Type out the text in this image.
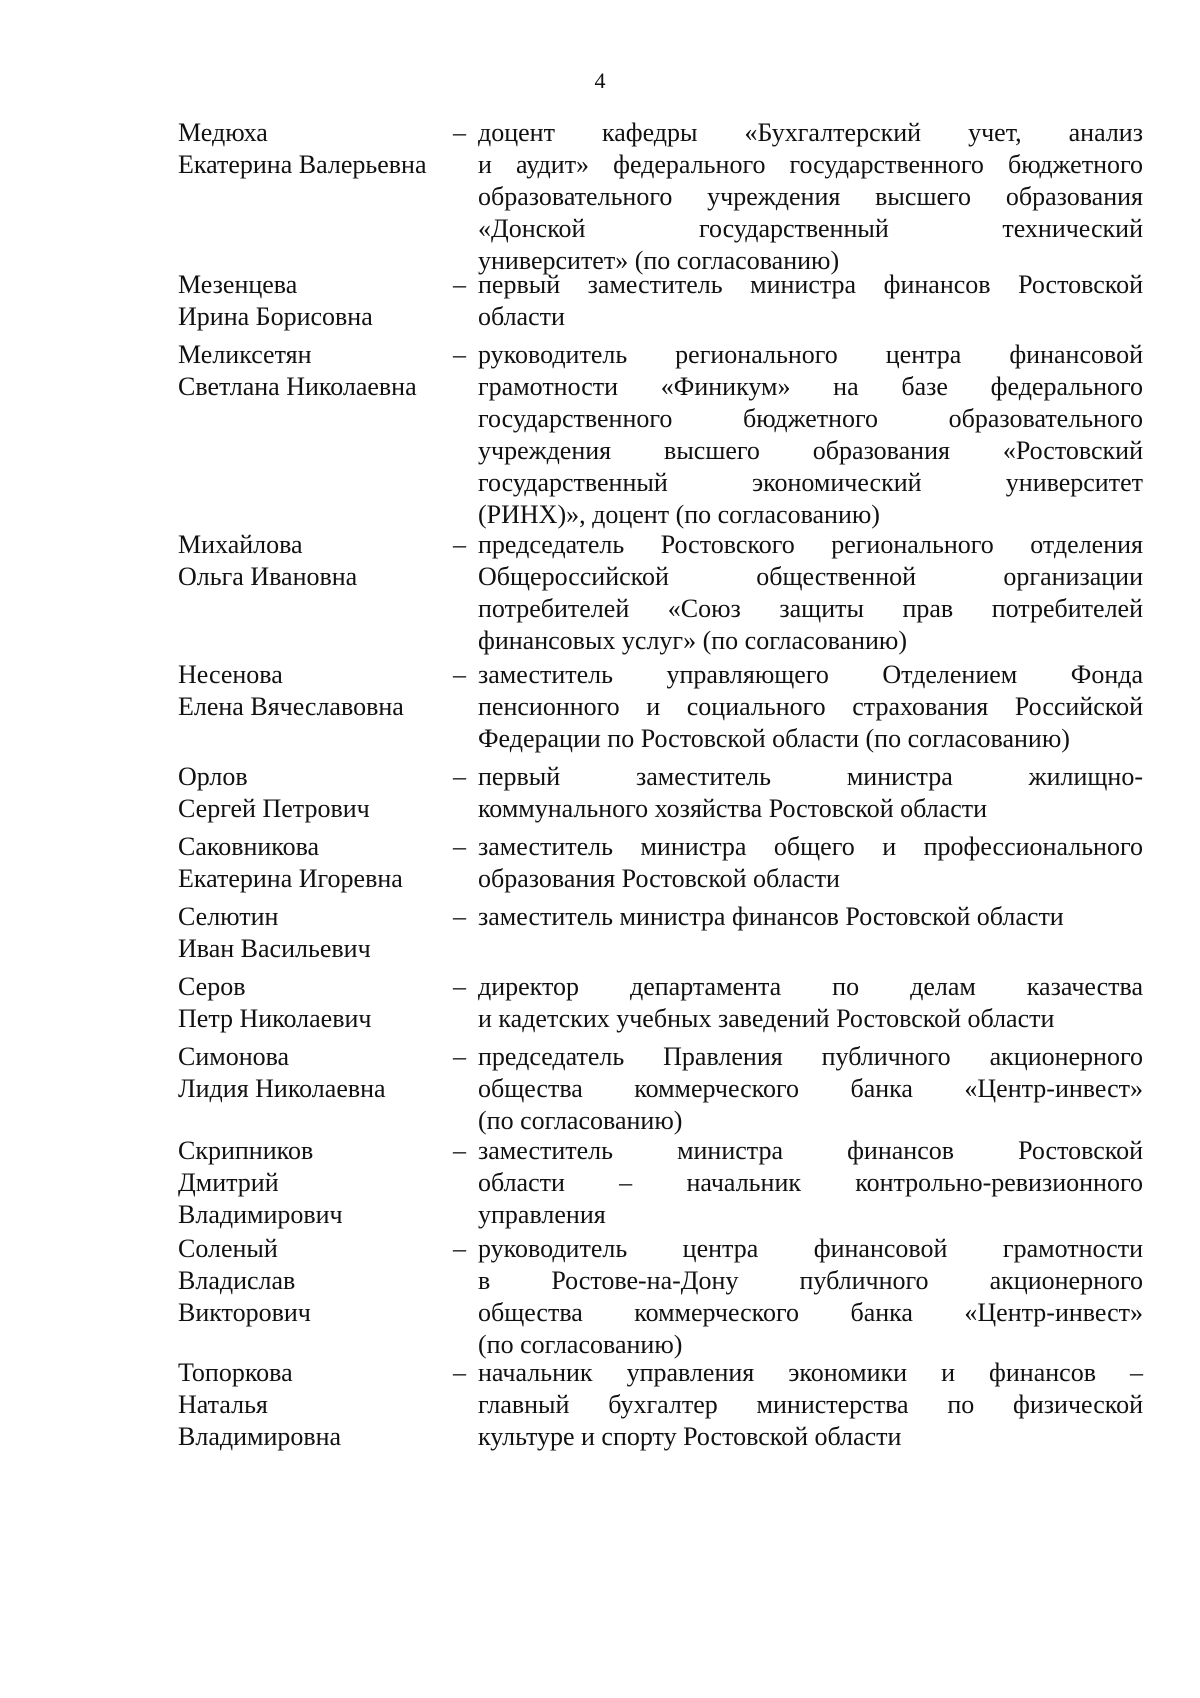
4
Медюха
Екатерина Валерьевна
– доцент кафедры «Бухгалтерский учет, анализ
и аудит» федерального государственного бюджетного
образовательного учреждения высшего образования
«Донской государственный технический
университет» (по согласованию)
Мезенцева
Ирина Борисовна
– первый заместитель министра финансов Ростовской
области
Меликсетян
Светлана Николаевна
– руководитель регионального центра финансовой
грамотности «Финикум» на базе федерального
государственного бюджетного образовательного
учреждения высшего образования «Ростовский
государственный экономический университет
(РИНХ)», доцент (по согласованию)
Михайлова
Ольга Ивановна
– председатель Ростовского регионального отделения
Общероссийской общественной организации
потребителей «Союз защиты прав потребителей
финансовых услуг» (по согласованию)
Несенова
Елена Вячеславовна
– заместитель управляющего Отделением Фонда
пенсионного и социального страхования Российской
Федерации по Ростовской области (по согласованию)
Орлов
Сергей Петрович
– первый заместитель министра жилищно-
коммунального хозяйства Ростовской области
Саковникова
Екатерина Игоревна
– заместитель министра общего и профессионального
образования Ростовской области
Селютин
Иван Васильевич
– заместитель министра финансов Ростовской области
Серов
Петр Николаевич
– директор департамента по делам казачества
и кадетских учебных заведений Ростовской области
Симонова
Лидия Николаевна
– председатель Правления публичного акционерного
общества коммерческого банка «Центр-инвест»
(по согласованию)
Скрипников
Дмитрий
Владимирович
– заместитель министра финансов Ростовской
области – начальник контрольно-ревизионного
управления
Соленый
Владислав
Викторович
– руководитель центра финансовой грамотности
в Ростове-на-Дону публичного акционерного
общества коммерческого банка «Центр-инвест»
(по согласованию)
Топоркова
Наталья
Владимировна
– начальник управления экономики и финансов –
главный бухгалтер министерства по физической
культуре и спорту Ростовской области
